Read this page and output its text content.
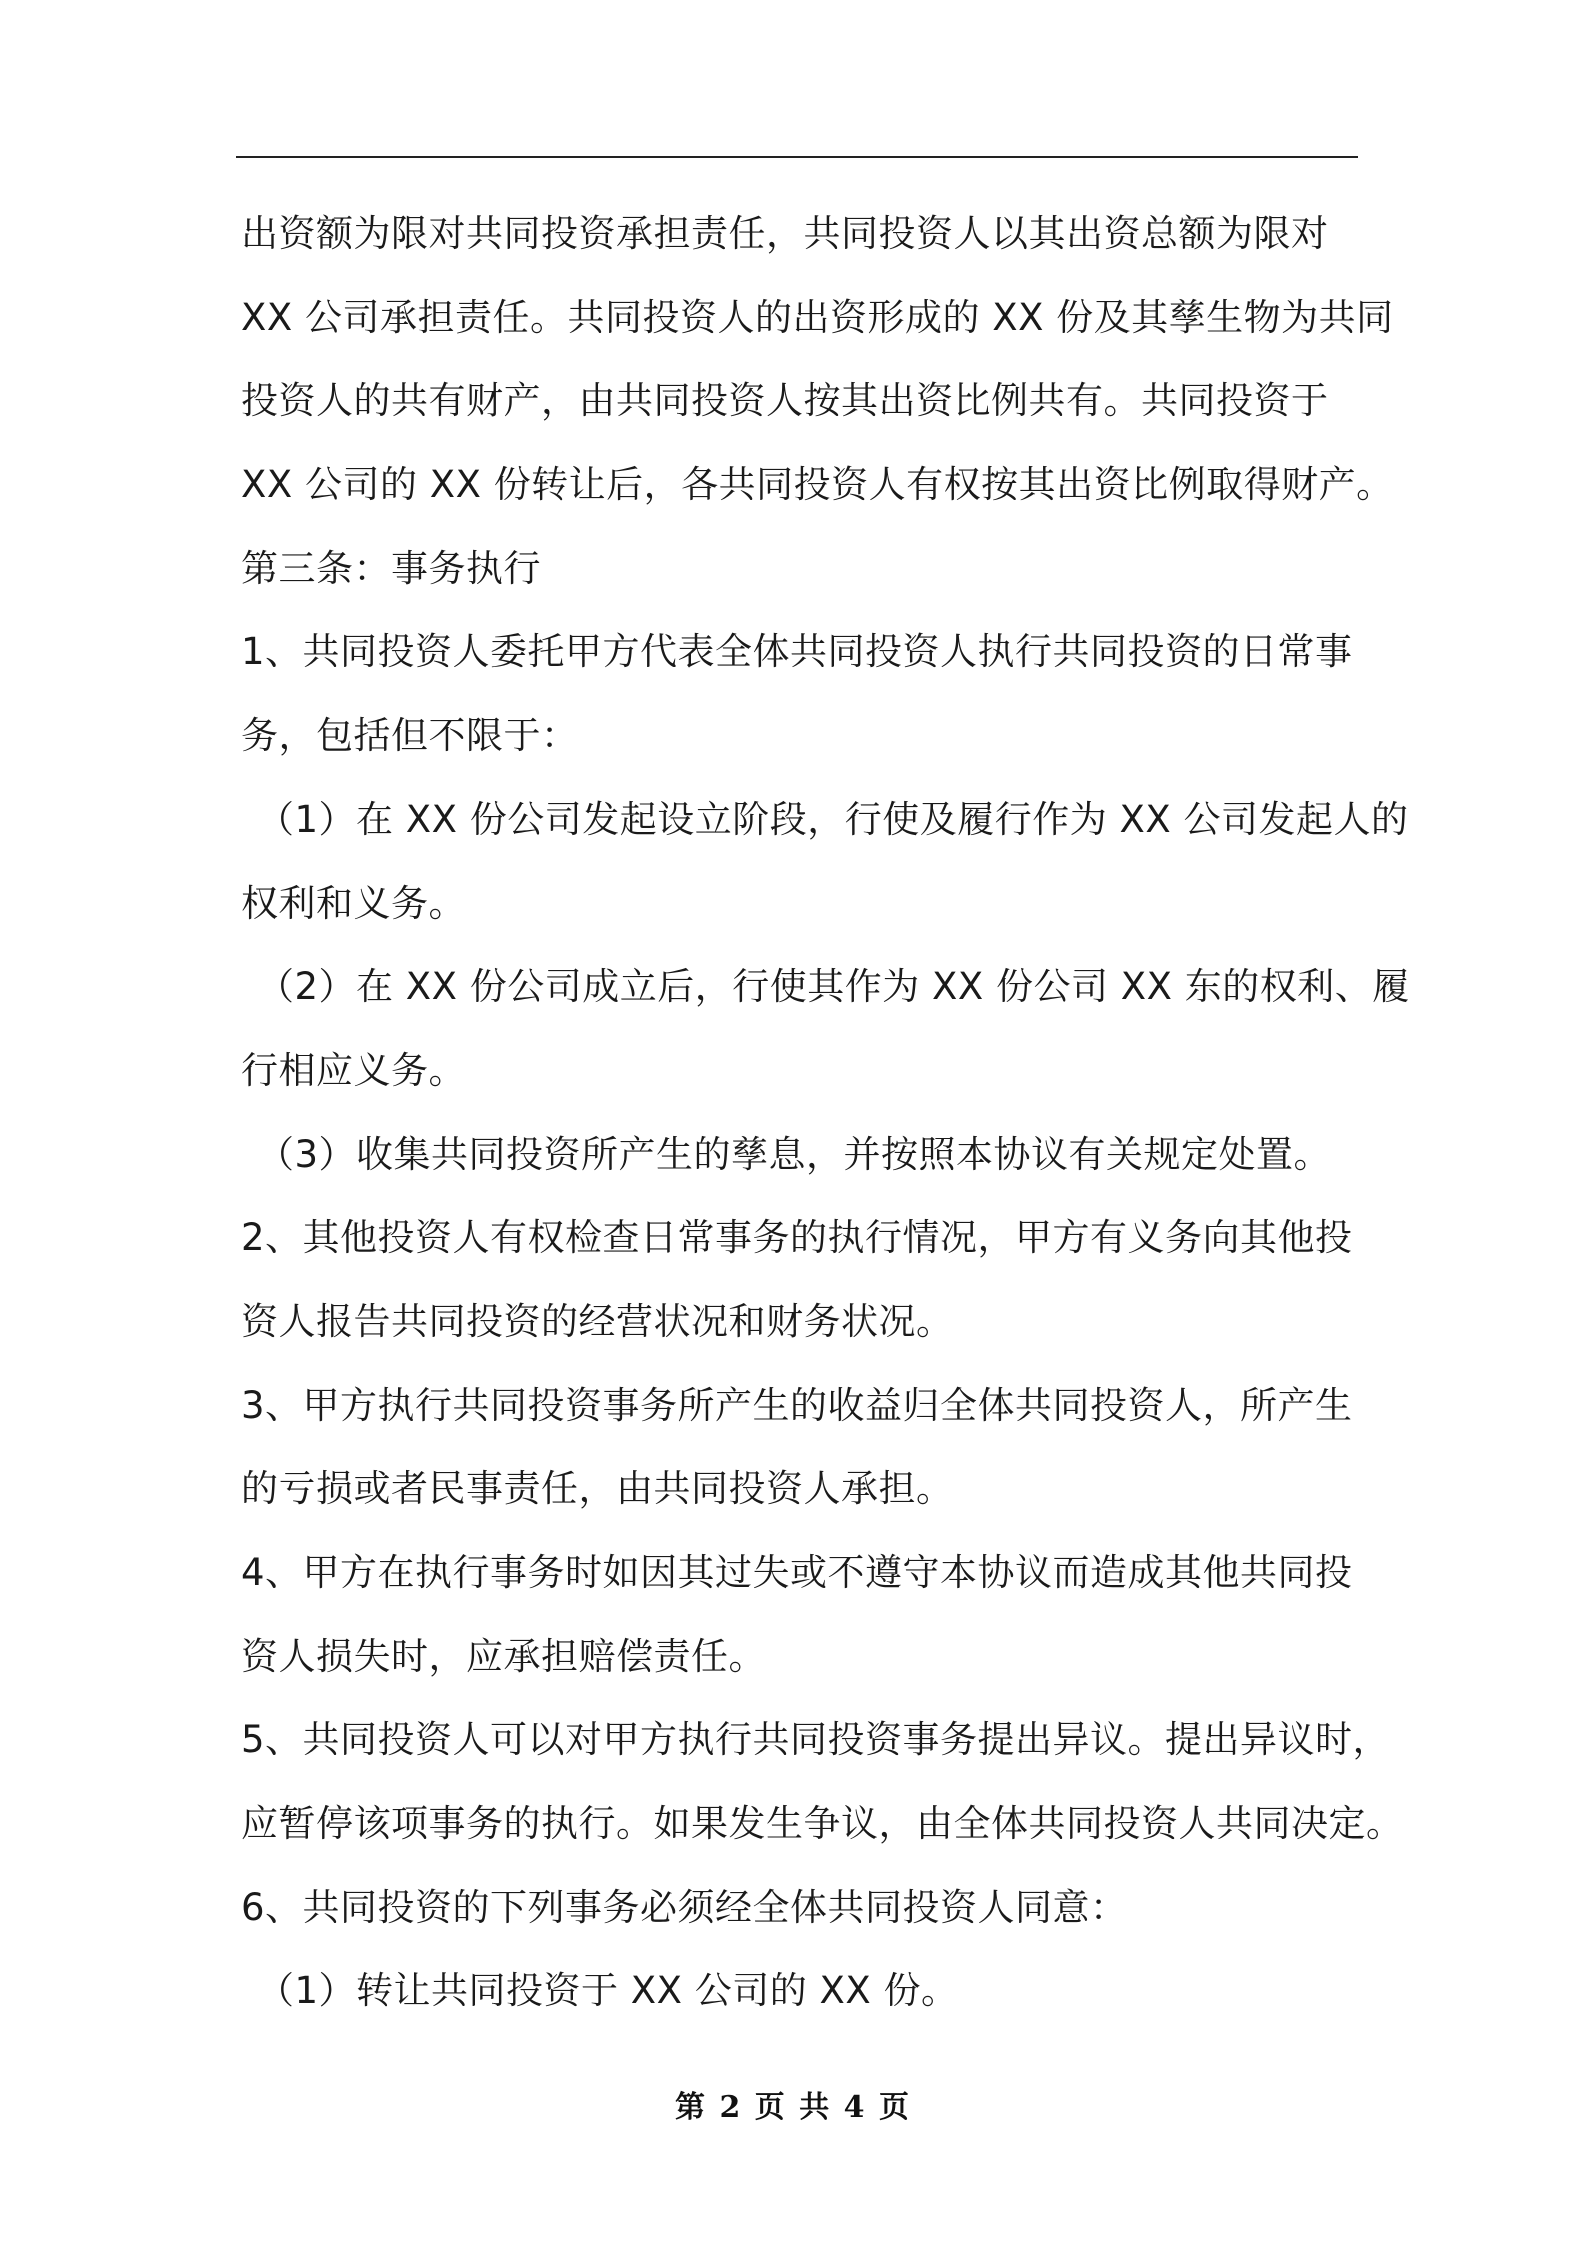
出资额为限对共同投资承担责任，共同投资人以其出资总额为限对
XX 公司承担责任。共同投资人的出资形成的 XX 份及其孳生物为共同
投资人的共有财产，由共同投资人按其出资比例共有。共同投资于
XX 公司的 XX 份转让后，各共同投资人有权按其出资比例取得财产。
第三条：事务执行
1、共同投资人委托甲方代表全体共同投资人执行共同投资的日常事
务，包括但不限于：
（1）在 XX 份公司发起设立阶段，行使及履行作为 XX 公司发起人的
权利和义务。
（2）在 XX 份公司成立后，行使其作为 XX 份公司 XX 东的权利、履
行相应义务。
（3）收集共同投资所产生的孳息，并按照本协议有关规定处置。
2、其他投资人有权检查日常事务的执行情况，甲方有义务向其他投
资人报告共同投资的经营状况和财务状况。
3、甲方执行共同投资事务所产生的收益归全体共同投资人，所产生
的亏损或者民事责任，由共同投资人承担。
4、甲方在执行事务时如因其过失或不遵守本协议而造成其他共同投
资人损失时，应承担赔偿责任。
5、共同投资人可以对甲方执行共同投资事务提出异议。提出异议时，
应暂停该项事务的执行。如果发生争议，由全体共同投资人共同决定。
6、共同投资的下列事务必须经全体共同投资人同意：
（1）转让共同投资于 XX 公司的 XX 份。
第 2 页 共 4 页
